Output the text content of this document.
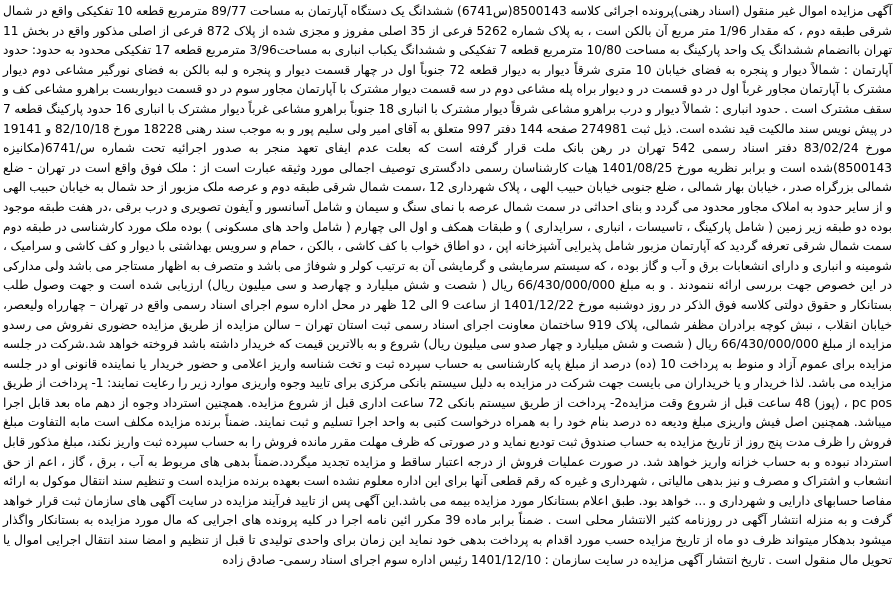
آگهی مزایده اموال غیر منقول (اسناد رهنی)پرونده اجرائی کلاسه 8500143(س6741) ششدانگ یک دستگاه آپارتمان به مساحت 89/77 مترمربع قطعه 10 تفکیکی واقع در شمال شرقی طبقه دوم ، که مقدار 1/96 متر مربع آن بالکن است ، به پلاک شماره 5262 فرعی از 35 اصلی مفروز و مجزی شده از پلاک 872 فرعی از اصلی مذکور واقع در بخش 11 تهران باانضمام ششدانگ یک واحد پارکینگ به مساحت 10/80 مترمربع قطعه 7 تفکیکی و ششدانگ یکباب انباری به مساحت3/96 مترمربع قطعه 17 تفکیکی محدود به حدود: حدود آپارتمان : شمالاً دیوار و پنجره به فضای خیابان 10 متری شرقاً دیوار به دیوار قطعه 72 جنوباً اول در چهار قسمت دیوار و پنجره و لبه بالکن به فضای نورگیر مشاعی دوم دیوار مشترک با آپارتمان مجاور غرباً اول در دو قسمت در و دیوار براه پله مشاعی دوم در سه قسمت دیوار مشترک با آپارتمان مجاور سوم در دو قسمت دیواربست براهرو مشاعی کف و سقف مشترک است . حدود انباری : شمالاً دیوار و درب براهرو مشاعی شرقاً دیوار مشترک با انباری 18 جنوباً براهرو مشاعی غرباً دیوار مشترک با انباری 16 حدود پارکینگ قطعه 7 در پیش نویس سند مالکیت قید نشده است. ذیل ثبت 274981 صفحه 144 دفتر 997 متعلق به آقای امیر ولی سلیم پور و به موجب سند رهنی 18228 مورخ 82/10/18 و 19141 مورخ 83/02/24 دفتر اسناد رسمی 542 تهران در رهن بانک ملت قرار گرفته است که بعلت عدم ایفای تعهد منجر به صدور اجرائیه تحت شماره س/6741(مکانیزه 8500143)شده است و برابر نظریه مورخ 1401/08/25 هیات کارشناسان رسمی دادگستری توصیف اجمالی مورد وثیقه عبارت است از : ملک فوق واقع است در تهران - ضلع شمالی بزرگراه صدر ، خیابان بهار شمالی ، ضلع جنوبی خیابان حبیب الهی ، پلاک شهرداری 12 ،سمت شمال شرقی طبقه دوم و عرصه ملک مزبور از حد شمال به خیابان حبیب الهی و از سایر حدود به املاک مجاور محدود می گردد و بنای احداثی در سمت شمال عرصه با نمای سنگ و سیمان و شامل آسانسور و آیفون تصویری و درب برقی ،در هفت طبقه موجود بوده دو طبقه زیر زمین ( شامل پارکینگ ، تاسیسات ، انباری ، سرایداری ) و طبقات همکف و اول الی چهارم ( شامل واحد های مسکونی ) بوده ملک مورد کارشناسی در طبقه دوم سمت شمال شرقی تعرفه گردید که آپارتمان مزبور شامل پذیرایی آشپزخانه اپن ، دو اطاق خواب با کف کاشی ، بالکن ، حمام و سرویس بهداشتی با دیوار و کف کاشی و سرامیک ، شومینه و انباری و دارای انشعابات برق و آب و گاز بوده ، که سیستم سرمایشی و گرمایشی آن به ترتیب کولر و شوفاژ می باشد و متصرف به اظهار مستاجر می باشد ولی مدارکی در این خصوص جهت بررسی ارائه ننمودند . و به مبلغ 66/430/000/000 ریال ( شصت و شش میلیارد و چهارصد و سی میلیون ریال) ارزیابی شده است و جهت وصول طلب بستانکار و حقوق دولتی کلاسه فوق الذکر در روز دوشنبه مورخ 1401/12/22 از ساعت 9 الی 12 ظهر در محل اداره سوم اجرای اسناد رسمی واقع در تهران – چهارراه ولیعصر، خیابان انقلاب ، نبش کوچه برادران مظفر شمالی، پلاک 919 ساختمان معاونت اجرای اسناد رسمی ثبت استان تهران – سالن مزایده از طریق مزایده حضوری نفروش می رسدو مزایده از مبلغ 66/430/000/000 ریال ( شصت و شش میلیارد و چهار صدو سی میلیون ریال) شروع و به بالاترین قیمت که خریدار داشته باشد فروخته خواهد شد.شرکت در جلسه مزایده برای عموم آزاد و منوط به پرداخت 10 (ده) درصد از مبلغ پایه کارشناسی به حساب سپرده ثبت و تخت شناسه واریز اعلامی و حضور خریدار یا نماینده قانونی او در جلسه مزایده می باشد. لذا خریدار و یا خریداران می بایست جهت شرکت در مزایده به دلیل سیستم بانکی مرکزی برای تایید وجوه واریزی موارد زیر را رعایت نمایند: 1- پرداخت از طریق pc pos ، (پوز) 48 ساعت قبل از شروع وقت مزایده2- پرداخت از طریق سیستم بانکی 72 ساعت اداری قبل از شروع مزایده. همچنین استرداد وجوه از دهم ماه بعد قابل اجرا میباشد. همچنین اصل فیش واریزی مبلغ ودیعه ده درصد بنام خود را به همراه درخواست کتبی به واحد اجرا تسلیم و ثبت نمایند. ضمناً برنده مزایده مکلف است مابه التفاوت مبلغ فروش را ظرف مدت پنج روز از تاریخ مزایده به حساب صندوق ثبت تودیع نماید و در صورتی که ظرف مهلت مقرر مانده فروش را به حساب سپرده ثبت واریز نکند، مبلغ مذکور قابل استرداد نبوده و به حساب خزانه واریز خواهد شد. در صورت عملیات فروش از درجه اعتبار ساقط و مزایده تجدید میگردد.ضمناً بدهی های مربوط به آب ، برق ، گاز ، اعم از حق انشعاب و اشتراک و مصرف و نیز بدهی مالیاتی ، شهرداری و غیره که رقم قطعی آنها برای این اداره معلوم نشده است بعهده برنده مزایده است و تنظیم سند انتقال موکول به ارائه مفاصا حسابهای دارایی و شهرداری و ... خواهد بود. طبق اعلام بستانکار مورد مزایده بیمه می باشد.این آگهی پس از تایید فرآیند مزایده در سایت آگهی های سازمان ثبت قرار خواهد گرفت و به منزله انتشار آگهی در روزنامه کثیر الانتشار محلی است . ضمناً برابر ماده 39 مکرر ائین نامه اجرا در کلیه پرونده های اجرایی که مال مورد مزایده به بستانکار واگذار میشود بدهکار میتواند ظرف دو ماه از تاریخ مزایده حسب مورد اقدام به پرداخت بدهی خود نماید این زمان برای واحدی تولیدی تا قبل از تنظیم و امضا سند انتقال اجرایی اموال یا تحویل مال منقول است . تاریخ انتشار آگهی مزایده در سایت سازمان : 1401/12/10 رئیس اداره سوم اجرای اسناد رسمی- صادق زاده
